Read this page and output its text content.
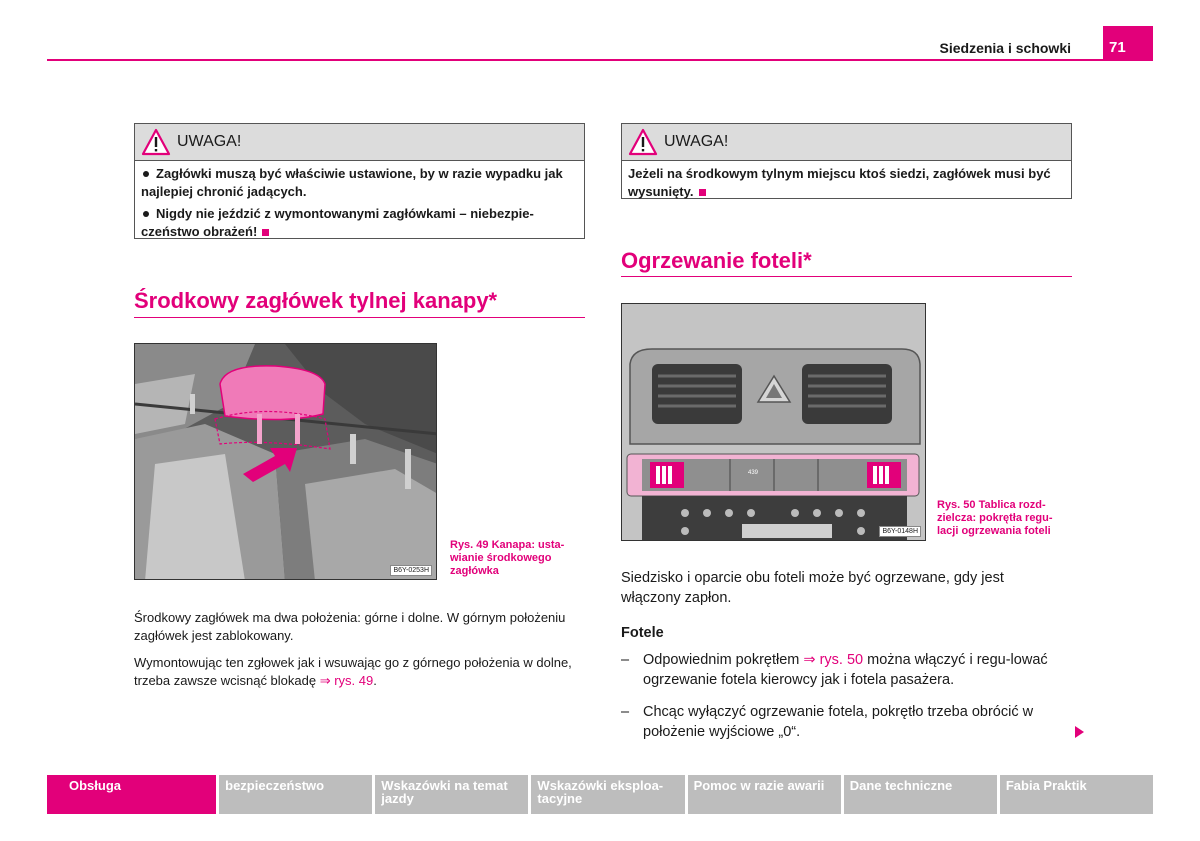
Siedzenia i schowki	71
UWAGA!

Zagłówki muszą być właściwie ustawione, by w razie wypadku jak najlepiej chronić jadących.

Nigdy nie jeździć z wymontowanymi zagłówkami – niebezpie-czeństwo obrażeń!

UWAGA!

Jeżeli na środkowym tylnym miejscu ktoś siedzi, zagłówek musi być wysunięty.

Środkowy zagłówek tylnej kanapy*
Ogrzewanie foteli*
B6Y-0253H
Rys. 49 Kanapa: usta-
wianie środkowego
zagłówka
439
B6Y-0148H
Rys. 50 Tablica rozd-
zielcza: pokrętła regu-
lacji ogrzewania foteli
Środkowy zagłówek ma dwa położenia: górne i dolne. W górnym położeniu zagłówek jest zablokowany.
Wymontowując ten zgłowek jak i wsuwając go z górnego położenia w dolne, trzeba zawsze wcisnąć blokadę ⇒ rys. 49.
Siedzisko i oparcie obu foteli może być ogrzewane, gdy jest włączony zapłon.
Fotele
– Odpowiednim pokrętłem ⇒ rys. 50 można włączyć i regu-lować ogrzewanie fotela kierowcy jak i fotela pasażera.
– Chcąc wyłączyć ogrzewanie fotela, pokrętło trzeba obrócić w położenie wyjściowe „0“.
Obsługa	bezpieczeństwo	Wskazówki na temat jazdy
Wskazówki eksploa-tacyjne
Pomoc w razie awarii	Dane techniczne	Fabia Praktik
